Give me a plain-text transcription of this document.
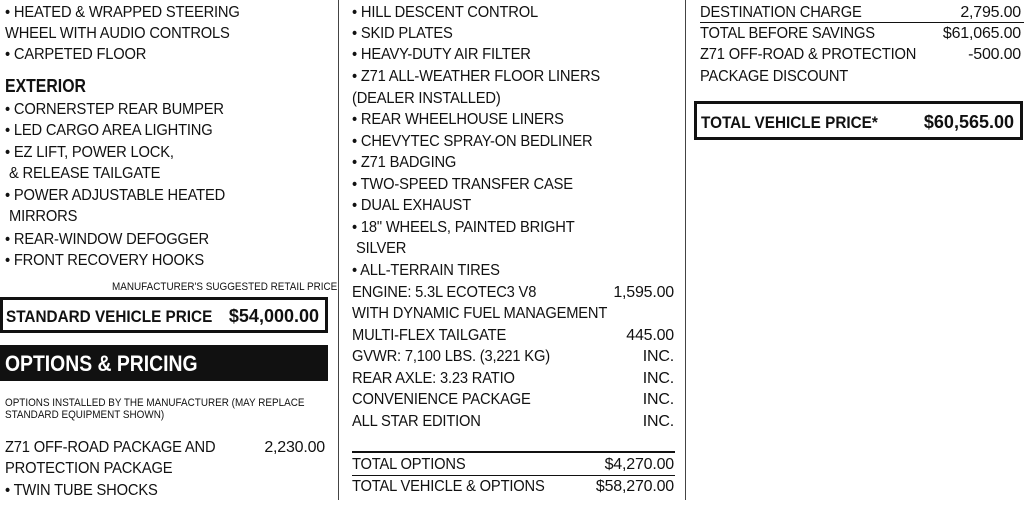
• HEATED & WRAPPED STEERING
WHEEL WITH AUDIO CONTROLS
• CARPETED FLOOR
EXTERIOR
• CORNERSTEP REAR BUMPER
• LED CARGO AREA LIGHTING
• EZ LIFT, POWER LOCK,
& RELEASE TAILGATE
• POWER ADJUSTABLE HEATED
MIRRORS
• REAR-WINDOW DEFOGGER
• FRONT RECOVERY HOOKS
MANUFACTURER'S SUGGESTED RETAIL PRICE
STANDARD VEHICLE PRICE $54,000.00
OPTIONS & PRICING
OPTIONS INSTALLED BY THE MANUFACTURER (MAY REPLACE
STANDARD EQUIPMENT SHOWN)
Z71 OFF-ROAD PACKAGE AND	2,230.00
PROTECTION PACKAGE
• TWIN TUBE SHOCKS
• HILL DESCENT CONTROL
• SKID PLATES
• HEAVY-DUTY AIR FILTER
• Z71 ALL-WEATHER FLOOR LINERS
(DEALER INSTALLED)
• REAR WHEELHOUSE LINERS
• CHEVYTEC SPRAY-ON BEDLINER
• Z71 BADGING
• TWO-SPEED TRANSFER CASE
• DUAL EXHAUST
• 18" WHEELS, PAINTED BRIGHT
SILVER
• ALL-TERRAIN TIRES
ENGINE: 5.3L ECOTEC3 V8	1,595.00
WITH DYNAMIC FUEL MANAGEMENT
MULTI-FLEX TAILGATE	445.00
GVWR: 7,100 LBS. (3,221 KG)	INC.
REAR AXLE: 3.23 RATIO	INC.
CONVENIENCE PACKAGE	INC.
ALL STAR EDITION	INC.
TOTAL OPTIONS	$4,270.00
TOTAL VEHICLE & OPTIONS	$58,270.00
DESTINATION CHARGE	2,795.00
TOTAL BEFORE SAVINGS	$61,065.00
Z71 OFF-ROAD & PROTECTION	-500.00
PACKAGE DISCOUNT
TOTAL VEHICLE PRICE*	$60,565.00
